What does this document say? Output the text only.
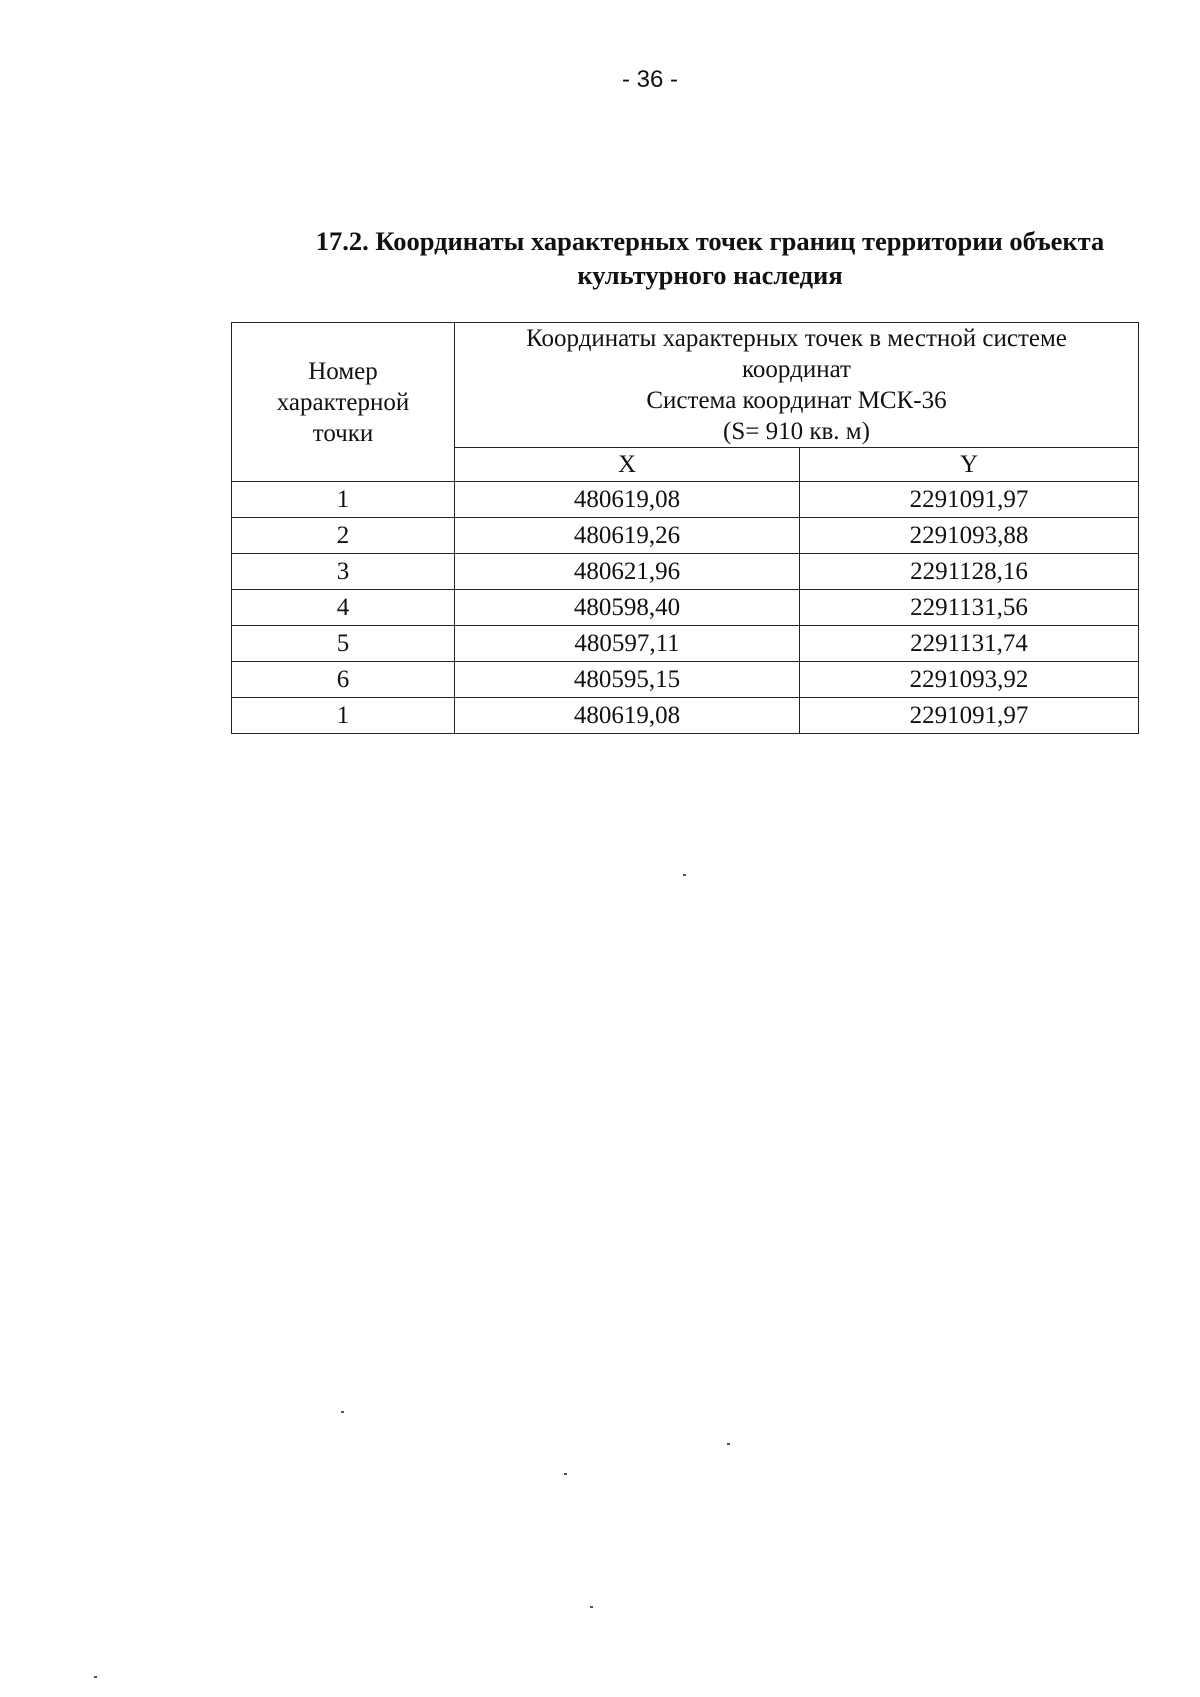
- 36 -
17.2. Координаты характерных точек границ территории объекта
культурного наследия
Номер
характерной
точки	Координаты характерных точек в местной системе
координат
Система координат МСК-36
(S= 910 кв. м)	

	X	Y
1	480619,08	2291091,97
2	480619,26	2291093,88
3	480621,96	2291128,16
4	480598,40	2291131,56
5	480597,11	2291131,74
6	480595,15	2291093,92
1	480619,08	2291091,97
